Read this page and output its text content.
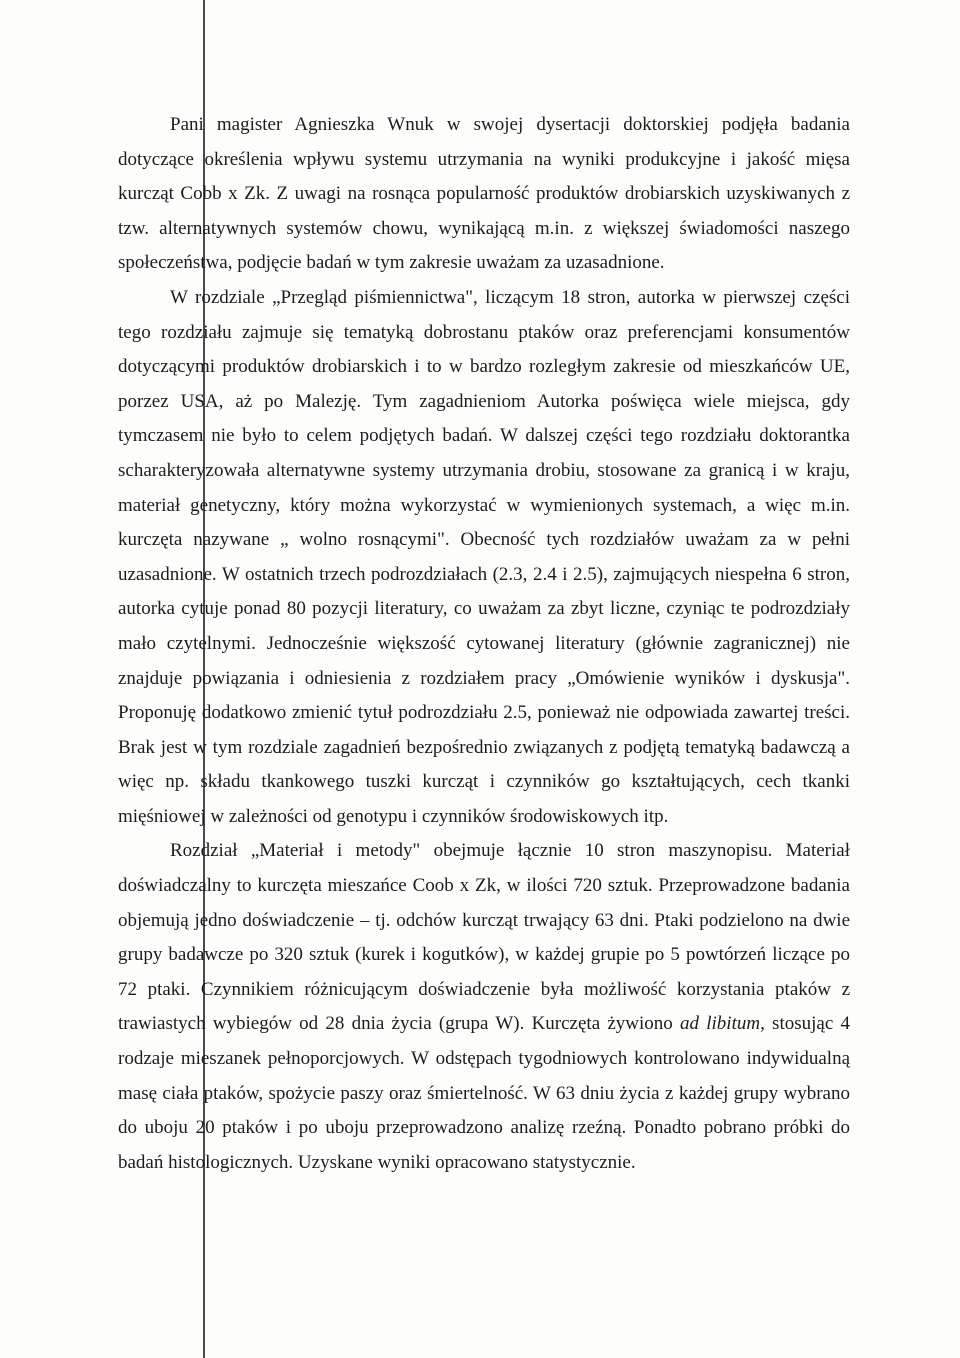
Pani magister Agnieszka Wnuk w swojej dysertacji doktorskiej podjęła badania dotyczące określenia wpływu systemu utrzymania na wyniki produkcyjne i jakość mięsa kurcząt Cobb x Zk. Z uwagi na rosnąca popularność produktów drobiarskich uzyskiwanych z tzw. alternatywnych systemów chowu, wynikającą m.in. z większej świadomości naszego społeczeństwa, podjęcie badań w tym zakresie uważam za uzasadnione.

W rozdziale „Przegląd piśmiennictwa", liczącym 18 stron, autorka w pierwszej części tego rozdziału zajmuje się tematyką dobrostanu ptaków oraz preferencjami konsumentów dotyczącymi produktów drobiarskich i to w bardzo rozległym zakresie od mieszkańców UE, porzez USA, aż po Malezję. Tym zagadnieniom Autorka poświęca wiele miejsca, gdy tymczasem nie było to celem podjętych badań. W dalszej części tego rozdziału doktorantka scharakteryzowała alternatywne systemy utrzymania drobiu, stosowane za granicą i w kraju, materiał genetyczny, który można wykorzystać w wymienionych systemach, a więc m.in. kurczęta nazywane „ wolno rosnącymi". Obecność tych rozdziałów uważam za w pełni uzasadnione. W ostatnich trzech podrozdziałach (2.3, 2.4 i 2.5), zajmujących niespełna 6 stron, autorka cytuje ponad 80 pozycji literatury, co uważam za zbyt liczne, czyniąc te podrozdziały mało czytelnymi. Jednocześnie większość cytowanej literatury (głównie zagranicznej) nie znajduje powiązania i odniesienia z rozdziałem pracy „Omówienie wyników i dyskusja". Proponuję dodatkowo zmienić tytuł podrozdziału 2.5, ponieważ nie odpowiada zawartej treści. Brak jest w tym rozdziale zagadnień bezpośrednio związanych z podjętą tematyką badawczą a więc np. składu tkankowego tuszki kurcząt i czynników go kształtujących, cech tkanki mięśniowej w zależności od genotypu i czynników środowiskowych itp.

Rozdział „Materiał i metody" obejmuje łącznie 10 stron maszynopisu. Materiał doświadczalny to kurczęta mieszańce Coob x Zk, w ilości 720 sztuk. Przeprowadzone badania objemują jedno doświadczenie – tj. odchów kurcząt trwający 63 dni. Ptaki podzielono na dwie grupy badawcze po 320 sztuk (kurek i kogutków), w każdej grupie po 5 powtórzeń liczące po 72 ptaki. Czynnikiem różnicującym doświadczenie była możliwość korzystania ptaków z trawiastych wybiegów od 28 dnia życia (grupa W). Kurczęta żywiono ad libitum, stosując 4 rodzaje mieszanek pełnoporcjowych. W odstępach tygodniowych kontrolowano indywidualną masę ciała ptaków, spożycie paszy oraz śmiertelność. W 63 dniu życia z każdej grupy wybrano do uboju 20 ptaków i po uboju przeprowadzono analizę rzeźną. Ponadto pobrano próbki do badań histologicznych. Uzyskane wyniki opracowano statystycznie.
